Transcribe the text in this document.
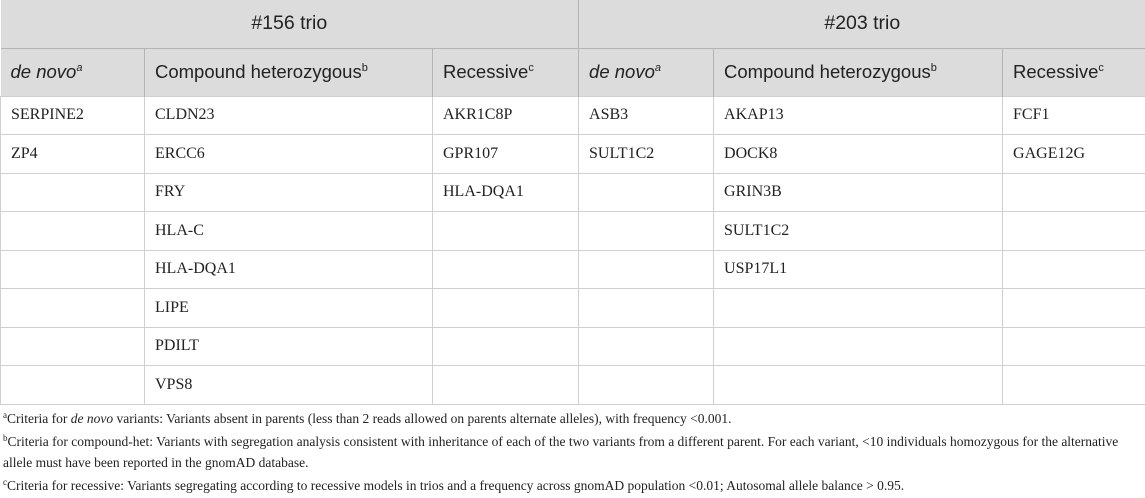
#156 trio			#203 trio		
de novo$^a$	Compound heterozygous$^b$	Recessive$^c$	de novo$^a$	Compound heterozygous$^b$	Recessive$^c$
SERPINE2	CLDN23	AKR1C8P	ASB3	AKAP13	FCF1
ZP4	ERCC6	GPR107	SULT1C2	DOCK8	GAGE12G
	FRY	HLA-DQA1		GRIN3B	
	HLA-C			SULT1C2	
	HLA-DQA1			USP17L1	
	LIPE				
	PDILT				
	VPS8				

$^a$Criteria for de novo variants: Variants absent in parents (less than 2 reads allowed on parents alternate alleles), with frequency <0.001.

$^b$Criteria for compound-het: Variants with segregation analysis consistent with inheritance of each of the two variants from a different parent. For each variant, <10 individuals homozygous for the alternative allele must have been reported in the gnomAD database.

$^c$Criteria for recessive: Variants segregating according to recessive models in trios and a frequency across gnomAD population <0.01; Autosomal allele balance > 0.95.
